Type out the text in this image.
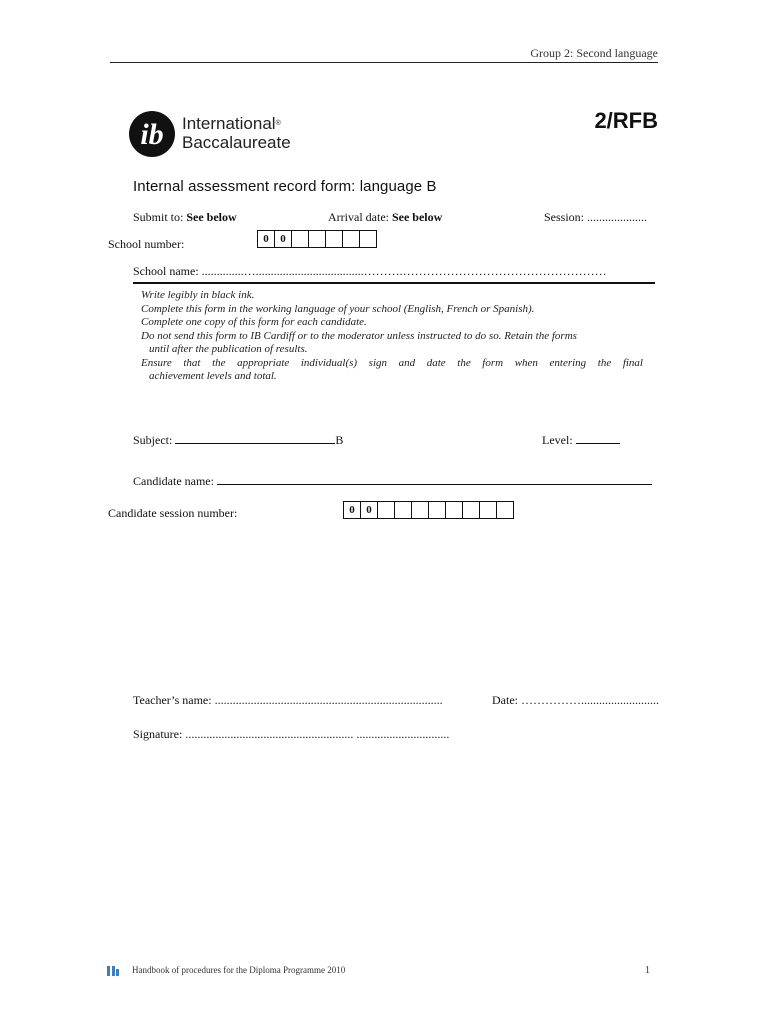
Group 2: Second language
ib International®
Baccalaureate
2/RFB
Internal assessment record form: language B
Submit to: See below	Arrival date: See below	Session: ....................
School number:	0	0
School name: ..............…....................................……….……………………………………………
Write legibly in black ink.
Complete this form in the working language of your school (English, French or Spanish).
Complete one copy of this form for each candidate.
Do not send this form to IB Cardiff or to the moderator unless instructed to do so. Retain the forms
until after the publication of results.
Ensure that the appropriate individual(s) sign and date the form when entering the final
achievement levels and total.
Subject:	B	Level:
Candidate name:
Candidate session number:	0	0
Teacher’s name: ............................................................................	Date: ……………..........................
Signature: ........................................................ ...............................
Handbook of procedures for the Diploma Programme 2010	1
